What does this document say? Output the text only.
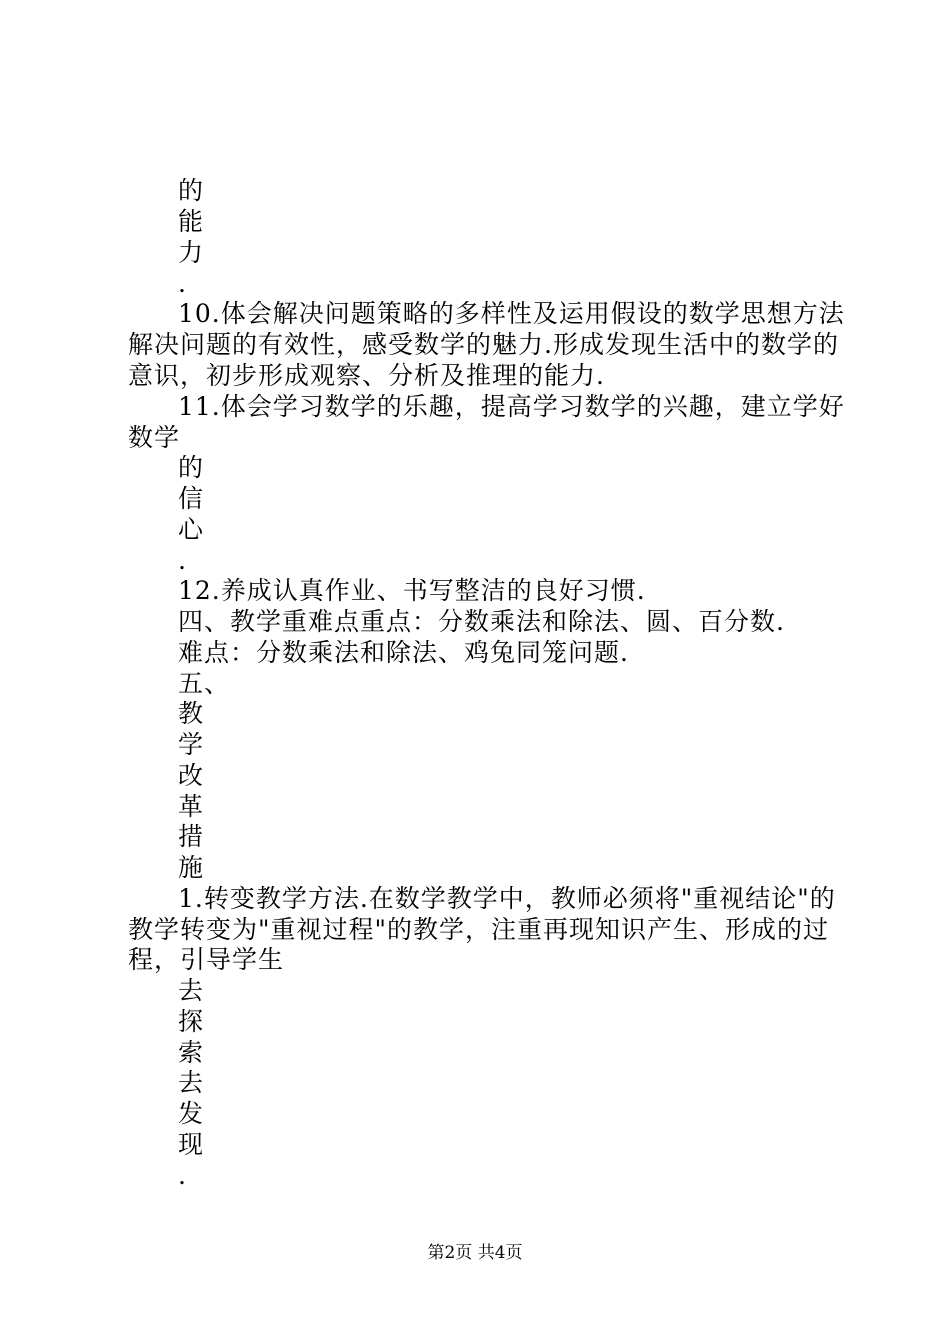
的
能
力
.
10.体会解决问题策略的多样性及运用假设的数学思想方法
解决问题的有效性，感受数学的魅力.形成发现生活中的数学的
意识，初步形成观察、分析及推理的能力.
11.体会学习数学的乐趣，提高学习数学的兴趣，建立学好
数学
的
信
心
.
12.养成认真作业、书写整洁的良好习惯.
四、教学重难点重点：分数乘法和除法、圆、百分数.
难点：分数乘法和除法、鸡兔同笼问题.
五、
教
学
改
革
措
施
1.转变教学方法.在数学教学中，教师必须将"重视结论"的
教学转变为"重视过程"的教学，注重再现知识产生、形成的过
程，引导学生
去
探
索
去
发
现
.
第2页 共4页
